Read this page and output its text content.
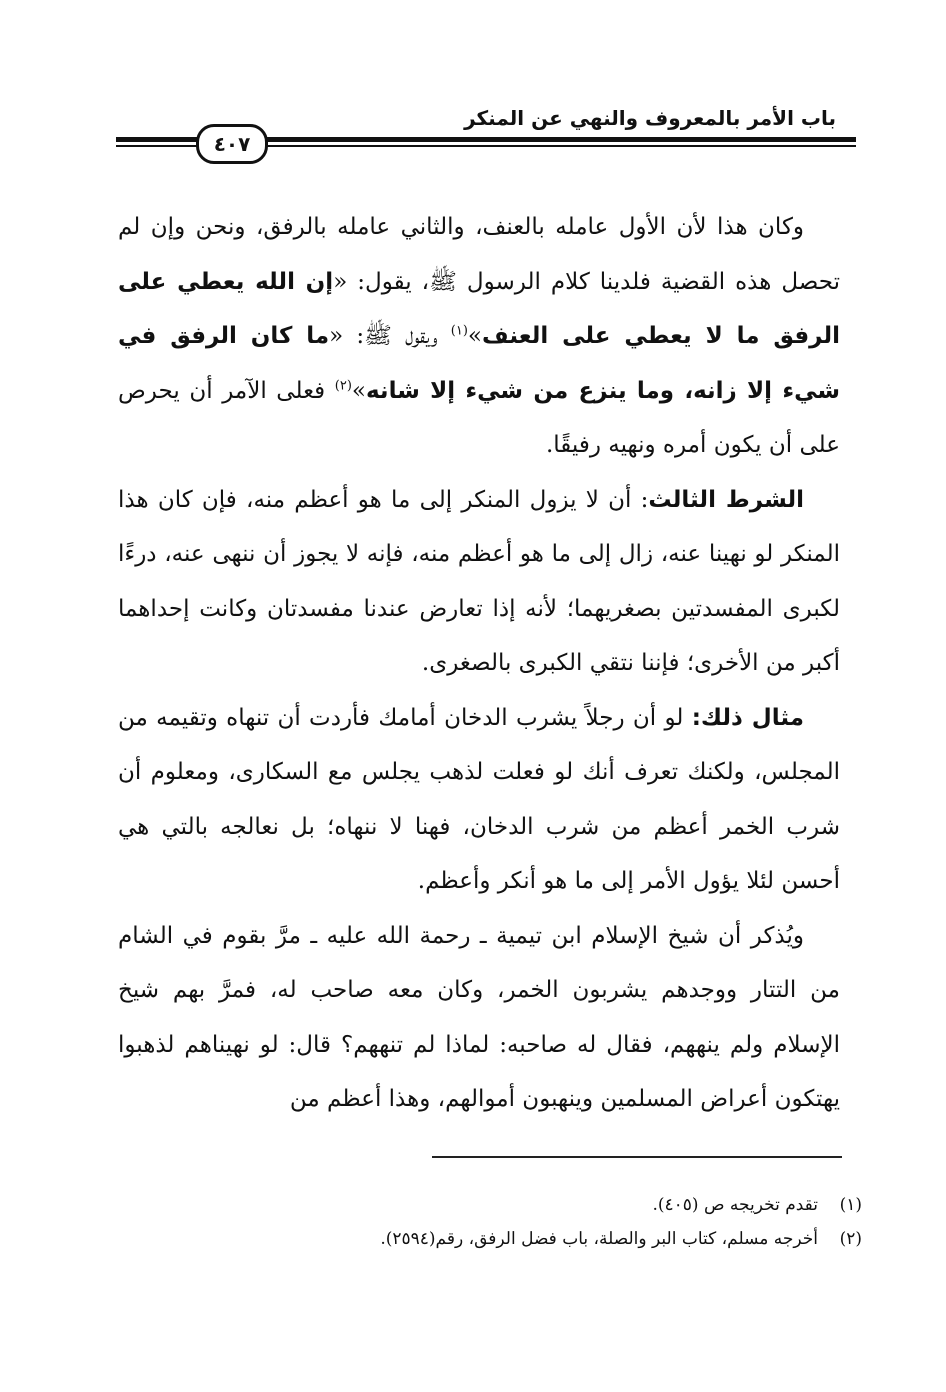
باب الأمر بالمعروف والنهي عن المنكر
٤٠٧

وكان هذا لأن الأول عامله بالعنف، والثاني عامله بالرفق، ونحن وإن لم تحصل هذه القضية فلدينا كلام الرسول ﷺ، يقول: «إن الله يعطي على الرفق ما لا يعطي على العنف»$^{(١)}$ ويقول ﷺ: «ما كان الرفق في شيء إلا زانه، وما ينزع من شيء إلا شانه»$^{(٢)}$ فعلى الآمر أن يحرص على أن يكون أمره ونهيه رفيقًا.

الشرط الثالث: أن لا يزول المنكر إلى ما هو أعظم منه، فإن كان هذا المنكر لو نهينا عنه، زال إلى ما هو أعظم منه، فإنه لا يجوز أن ننهى عنه، درءًا لكبرى المفسدتين بصغريهما؛ لأنه إذا تعارض عندنا مفسدتان وكانت إحداهما أكبر من الأخرى؛ فإننا نتقي الكبرى بالصغرى.

مثال ذلك: لو أن رجلاً يشرب الدخان أمامك فأردت أن تنهاه وتقيمه من المجلس، ولكنك تعرف أنك لو فعلت لذهب يجلس مع السكارى، ومعلوم أن شرب الخمر أعظم من شرب الدخان، فهنا لا ننهاه؛ بل نعالجه بالتي هي أحسن لئلا يؤول الأمر إلى ما هو أنكر وأعظم.

ويُذكر أن شيخ الإسلام ابن تيمية ـ رحمة الله عليه ـ مرَّ بقوم في الشام من التتار ووجدهم يشربون الخمر، وكان معه صاحب له، فمرَّ بهم شيخ الإسلام ولم ينههم، فقال له صاحبه: لماذا لم تنههم؟ قال: لو نهيناهم لذهبوا يهتكون أعراض المسلمين وينهبون أموالهم، وهذا أعظم من

(١)تقدم تخريجه ص (٤٠٥).
(٢)أخرجه مسلم، كتاب البر والصلة، باب فضل الرفق، رقم(٢٥٩٤).
